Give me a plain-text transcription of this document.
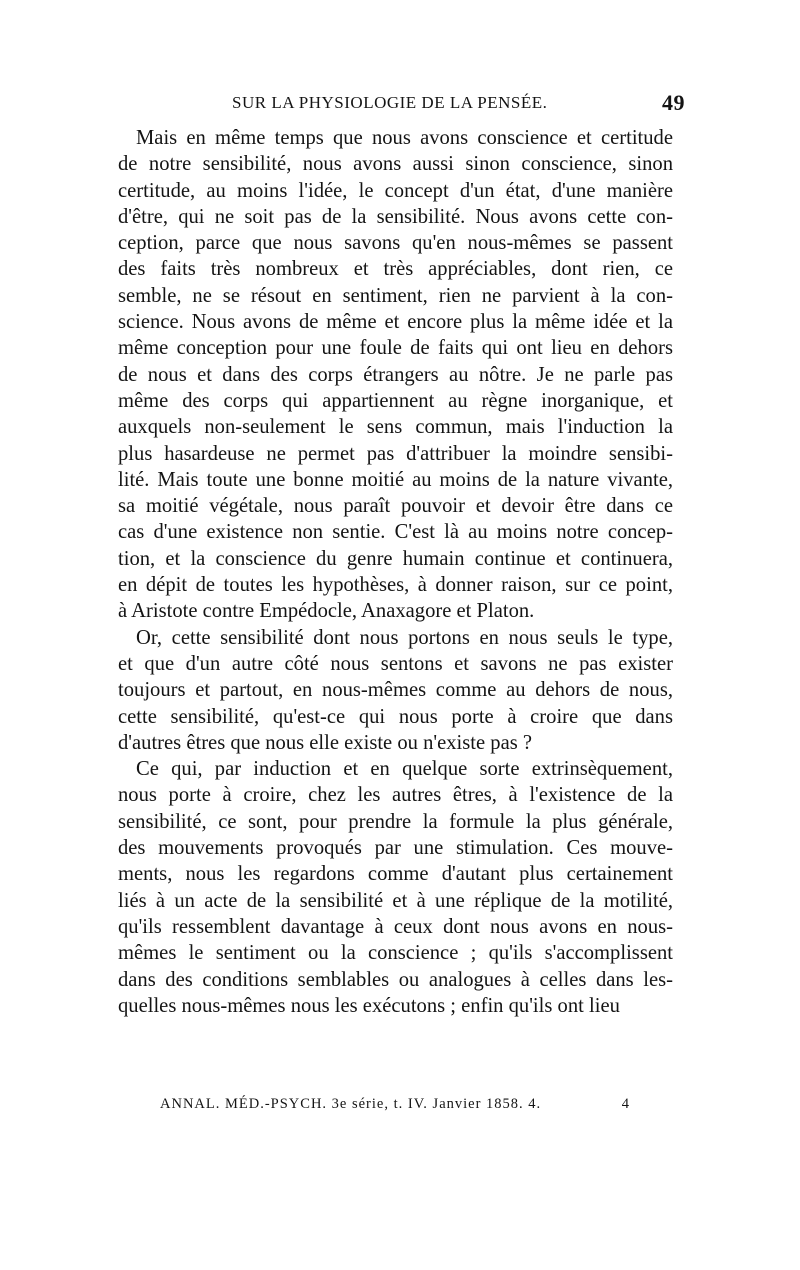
SUR LA PHYSIOLOGIE DE LA PENSÉE.	49

Mais en même temps que nous avons conscience et certitude
de notre sensibilité, nous avons aussi sinon conscience, sinon
certitude, au moins l'idée, le concept d'un état, d'une manière
d'être, qui ne soit pas de la sensibilité. Nous avons cette con-
ception, parce que nous savons qu'en nous-mêmes se passent
des faits très nombreux et très appréciables, dont rien, ce
semble, ne se résout en sentiment, rien ne parvient à la con-
science. Nous avons de même et encore plus la même idée et la
même conception pour une foule de faits qui ont lieu en dehors
de nous et dans des corps étrangers au nôtre. Je ne parle pas
même des corps qui appartiennent au règne inorganique, et
auxquels non-seulement le sens commun, mais l'induction la
plus hasardeuse ne permet pas d'attribuer la moindre sensibi-
lité. Mais toute une bonne moitié au moins de la nature vivante,
sa moitié végétale, nous paraît pouvoir et devoir être dans ce
cas d'une existence non sentie. C'est là au moins notre concep-
tion, et la conscience du genre humain continue et continuera,
en dépit de toutes les hypothèses, à donner raison, sur ce point,
à Aristote contre Empédocle, Anaxagore et Platon.

Or, cette sensibilité dont nous portons en nous seuls le type,
et que d'un autre côté nous sentons et savons ne pas exister
toujours et partout, en nous-mêmes comme au dehors de nous,
cette sensibilité, qu'est-ce qui nous porte à croire que dans
d'autres êtres que nous elle existe ou n'existe pas ?

Ce qui, par induction et en quelque sorte extrinsèquement,
nous porte à croire, chez les autres êtres, à l'existence de la
sensibilité, ce sont, pour prendre la formule la plus générale,
des mouvements provoqués par une stimulation. Ces mouve-
ments, nous les regardons comme d'autant plus certainement
liés à un acte de la sensibilité et à une réplique de la motilité,
qu'ils ressemblent davantage à ceux dont nous avons en nous-
mêmes le sentiment ou la conscience ; qu'ils s'accomplissent
dans des conditions semblables ou analogues à celles dans les-
quelles nous-mêmes nous les exécutons ; enfin qu'ils ont lieu

ANNAL. MÉD.-PSYCH. 3e série, t. IV. Janvier 1858. 4.	4
